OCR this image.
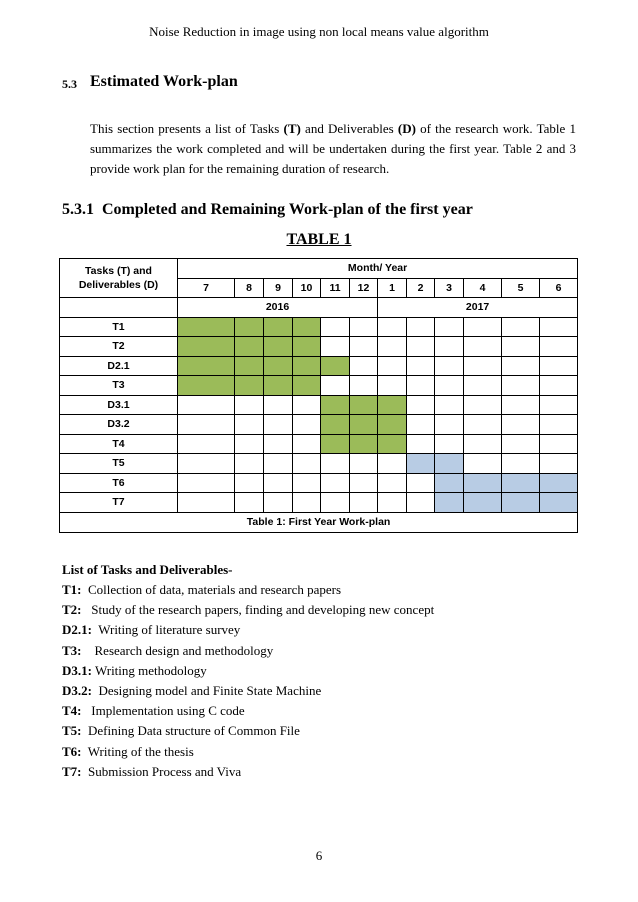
Noise Reduction in image using non local means value algorithm
5.3 Estimated Work-plan
This section presents a list of Tasks (T) and Deliverables (D) of the research work. Table 1 summarizes the work completed and will be undertaken during the first year. Table 2 and 3 provide work plan for the remaining duration of research.
5.3.1  Completed and Remaining Work-plan of the first year
TABLE 1
Tasks (T) and Deliverables (D)	Month/ Year											
	7	8	9	10	11	12	1	2	3	4	5	6
	2016						2017					
T1												
T2												
D2.1												
T3												
D3.1												
D3.2												
T4												
T5												
T6												
T7												
Table 1: First Year Work-plan												
List of Tasks and Deliverables-
T1:  Collection of data, materials and research papers
T2:   Study of the research papers, finding and developing new concept
D2.1:  Writing of literature survey
T3:    Research design and methodology
D3.1: Writing methodology
D3.2:  Designing model and Finite State Machine
T4:   Implementation using C code
T5:  Defining Data structure of Common File
T6:  Writing of the thesis
T7:  Submission Process and Viva
6
